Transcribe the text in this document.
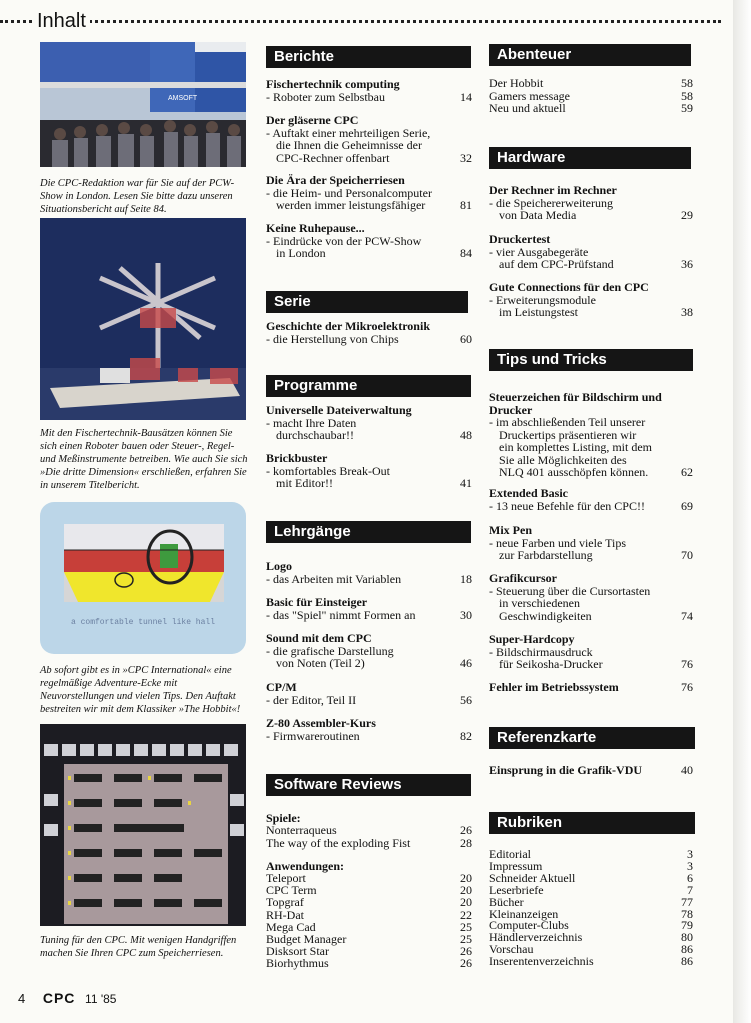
Inhalt
AMSOFT
Die CPC-Redaktion war für Sie auf der PCW-Show in London. Lesen Sie bitte dazu unseren Situationsbericht auf Seite 84.
Mit den Fischertechnik-Bausätzen können Sie sich einen Roboter bauen oder Steuer-, Regel- und Meßinstrumente betreiben. Wie auch Sie sich »Die dritte Dimension« erschließen, erfahren Sie in unserem Titelbericht.
a comfortable tunnel like hall
Ab sofort gibt es in »CPC International« eine regelmäßige Adventure-Ecke mit Neuvorstellungen und vielen Tips. Den Auftakt bestreiten wir mit dem Klassiker »The Hobbit«!
Tuning für den CPC. Mit wenigen Handgriffen machen Sie Ihren CPC zum Speicherriesen.
4 CPC 11 '85
Berichte
Fischertechnik computing
- Roboter zum Selbstbau	14
Der gläserne CPC
- Auftakt einer mehrteiligen Serie,
die Ihnen die Geheimnisse der
CPC-Rechner offenbart	32
Die Ära der Speicherriesen
- die Heim- und Personalcomputer
werden immer leistungsfähiger	81
Keine Ruhepause...
- Eindrücke von der PCW-Show
in London	84
Serie
Geschichte der Mikroelektronik
- die Herstellung von Chips	60
Programme
Universelle Dateiverwaltung
- macht Ihre Daten
durchschaubar!!	48
Brickbuster
- komfortables Break-Out
mit Editor!!	41
Lehrgänge
Logo
- das Arbeiten mit Variablen	18
Basic für Einsteiger
- das "Spiel" nimmt Formen an	30
Sound mit dem CPC
- die grafische Darstellung
von Noten (Teil 2)	46
CP/M
- der Editor, Teil II	56
Z-80 Assembler-Kurs
- Firmwareroutinen	82
Software Reviews
Spiele:
Nonterraqueus	26
The way of the exploding Fist	28
Anwendungen:
Teleport	20
CPC Term	20
Topgraf	20
RH-Dat	22
Mega Cad	25
Budget Manager	25
Disksort Star	26
Biorhythmus	26
Abenteuer
Der Hobbit	58
Gamers message	58
Neu und aktuell	59
Hardware
Der Rechner im Rechner
- die Speichererweiterung
von Data Media	29
Druckertest
- vier Ausgabegeräte
auf dem CPC-Prüfstand	36
Gute Connections für den CPC
- Erweiterungsmodule
im Leistungstest	38
Tips und Tricks
Steuerzeichen für Bildschirm und Drucker
- im abschließenden Teil unserer
Druckertips präsentieren wir
ein komplettes Listing, mit dem
Sie alle Möglichkeiten des
NLQ 401 ausschöpfen können.	62
Extended Basic
- 13 neue Befehle für den CPC!!	69
Mix Pen
- neue Farben und viele Tips
zur Farbdarstellung	70
Grafikcursor
- Steuerung über die Cursortasten
in verschiedenen
Geschwindigkeiten	74
Super-Hardcopy
- Bildschirmausdruck
für Seikosha-Drucker	76
Fehler im Betriebssystem	76
Referenzkarte
Einsprung in die Grafik-VDU	40
Rubriken
Editorial	3
Impressum	3
Schneider Aktuell	6
Leserbriefe	7
Bücher	77
Kleinanzeigen	78
Computer-Clubs	79
Händlerverzeichnis	80
Vorschau	86
Inserentenverzeichnis	86
